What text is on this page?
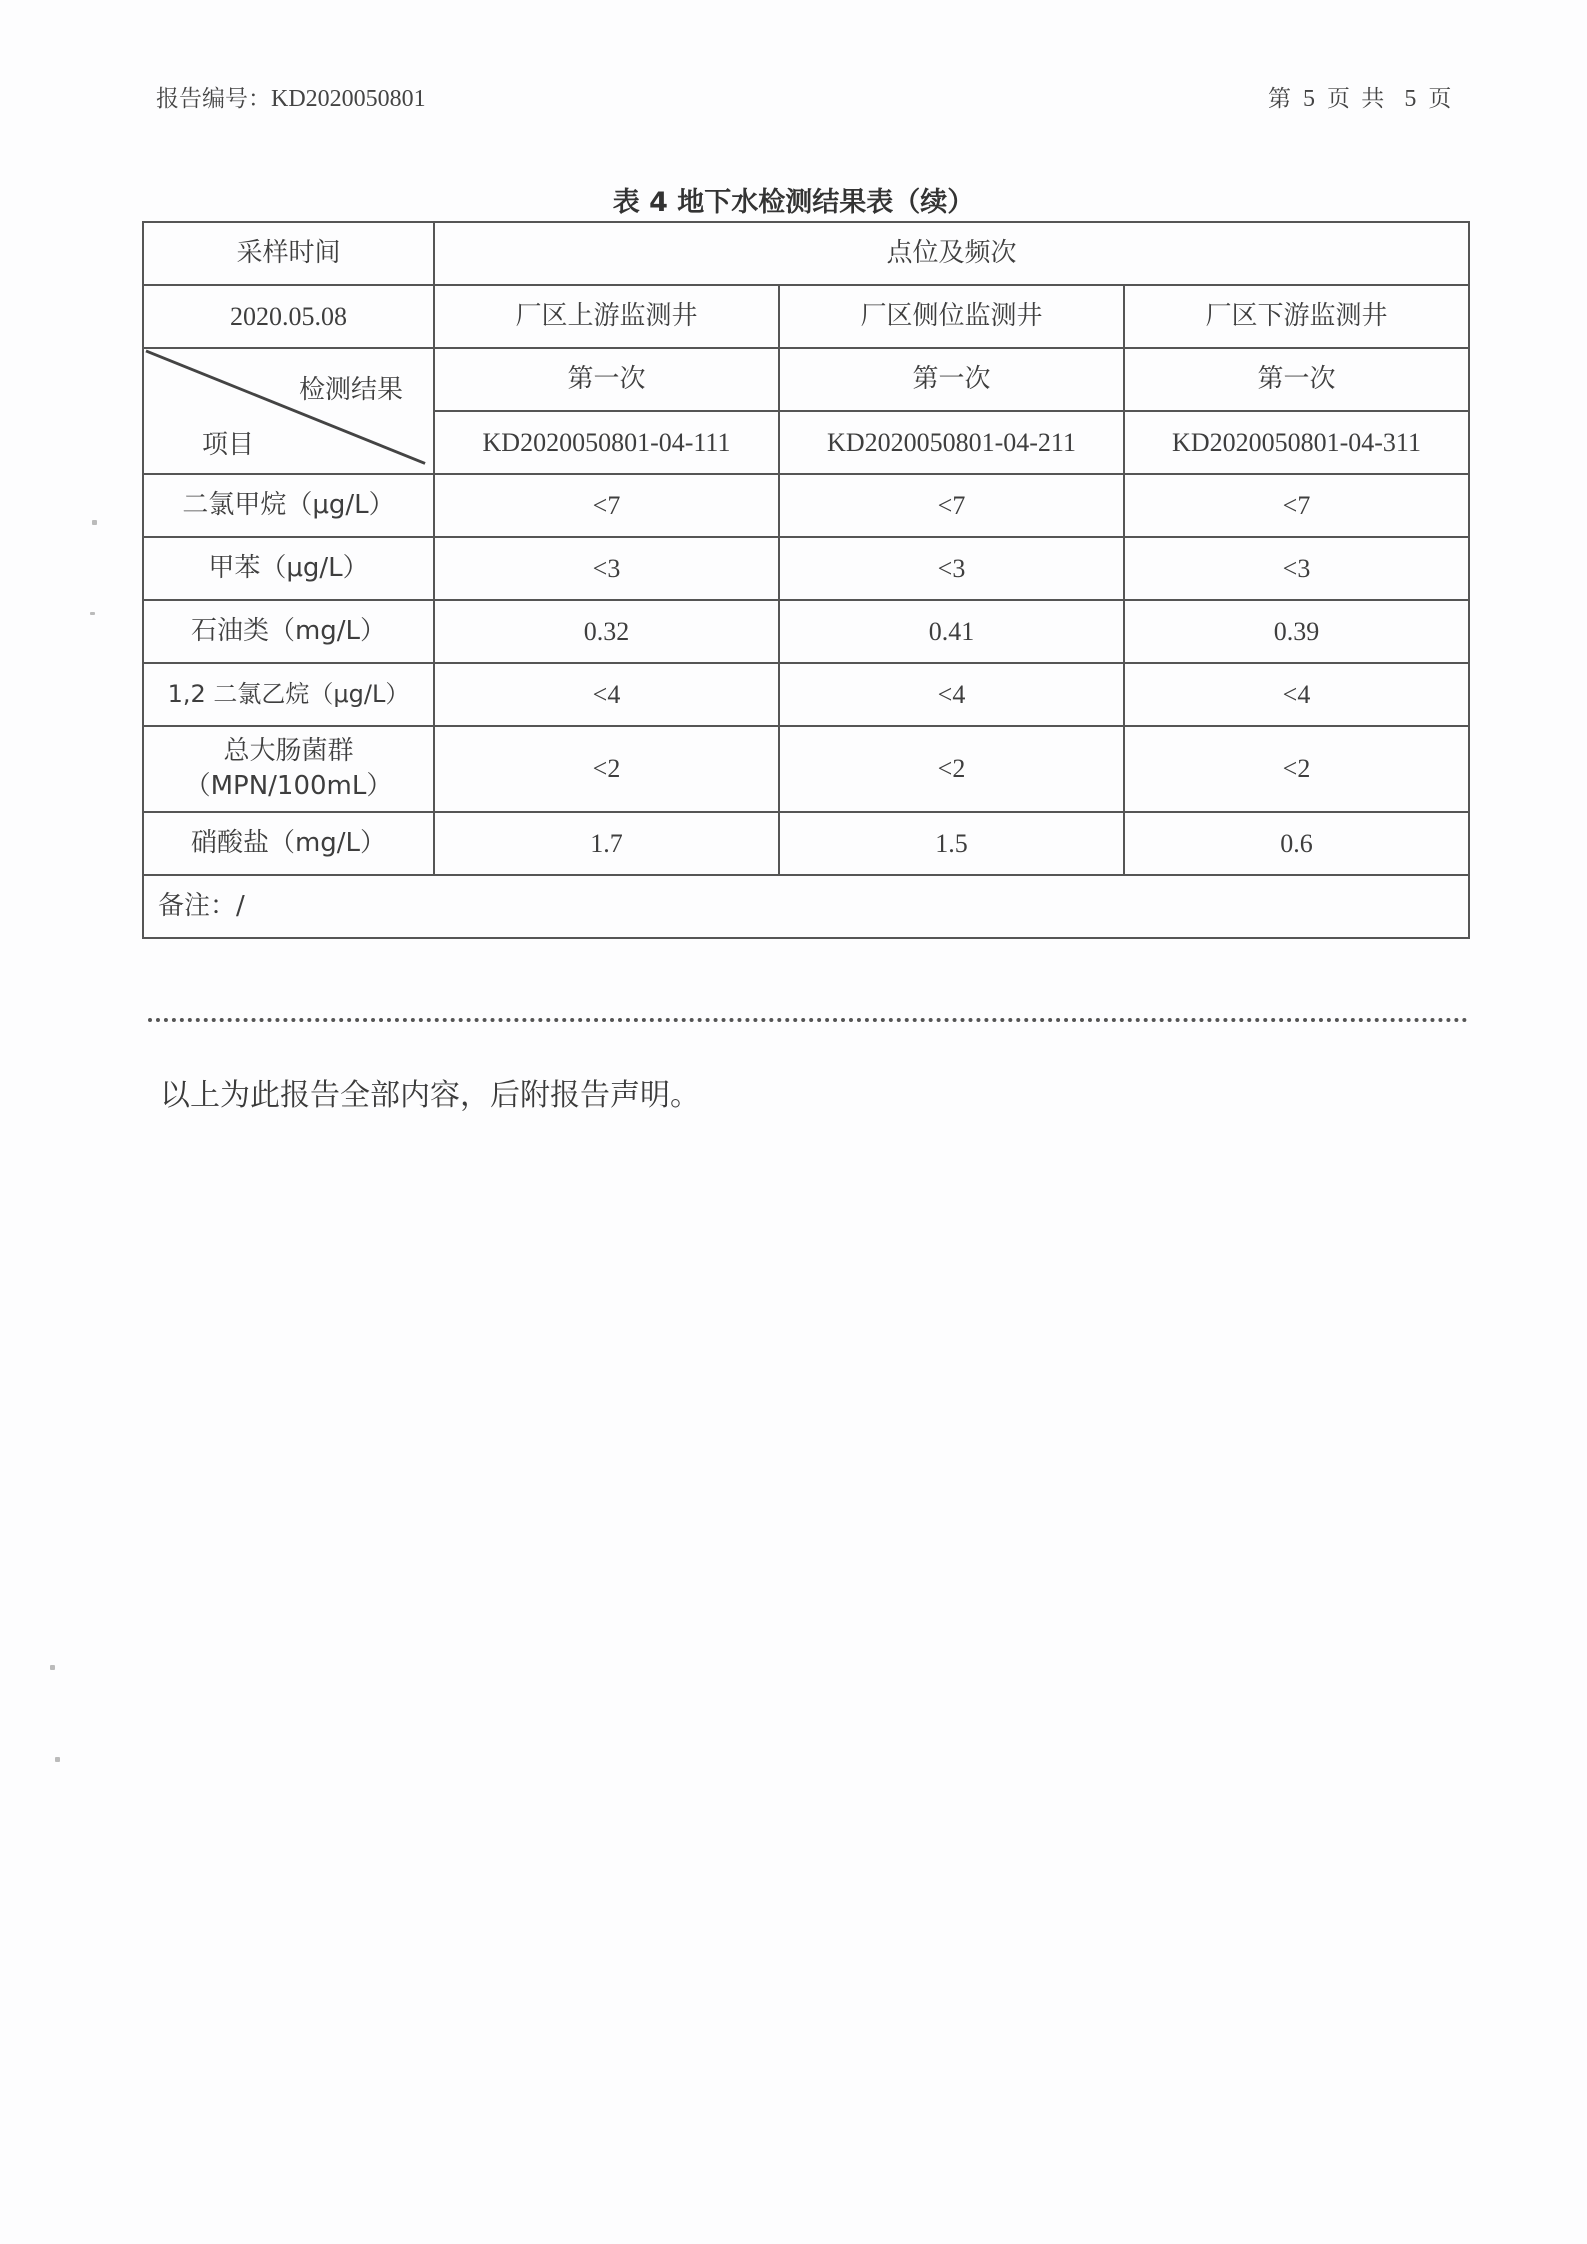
报告编号：KD2020050801	第 5 页 共 5 页
表 4 地下水检测结果表（续）
采样时间	点位及频次		
2020.05.08	厂区上游监测井	厂区侧位监测井	厂区下游监测井

检测结果
项目	第一次	第一次	第一次
	KD2020050801-04-111	KD2020050801-04-211	KD2020050801-04-311
二氯甲烷（μg/L）	<7	<7	<7
甲苯（μg/L）	<3	<3	<3
石油类（mg/L）	0.32	0.41	0.39
1,2 二氯乙烷（μg/L）	<4	<4	<4

总大肠菌群
（MPN/100mL）	<2	<2	<2
硝酸盐（mg/L）	1.7	1.5	0.6
备注：/			
以上为此报告全部内容，后附报告声明。
